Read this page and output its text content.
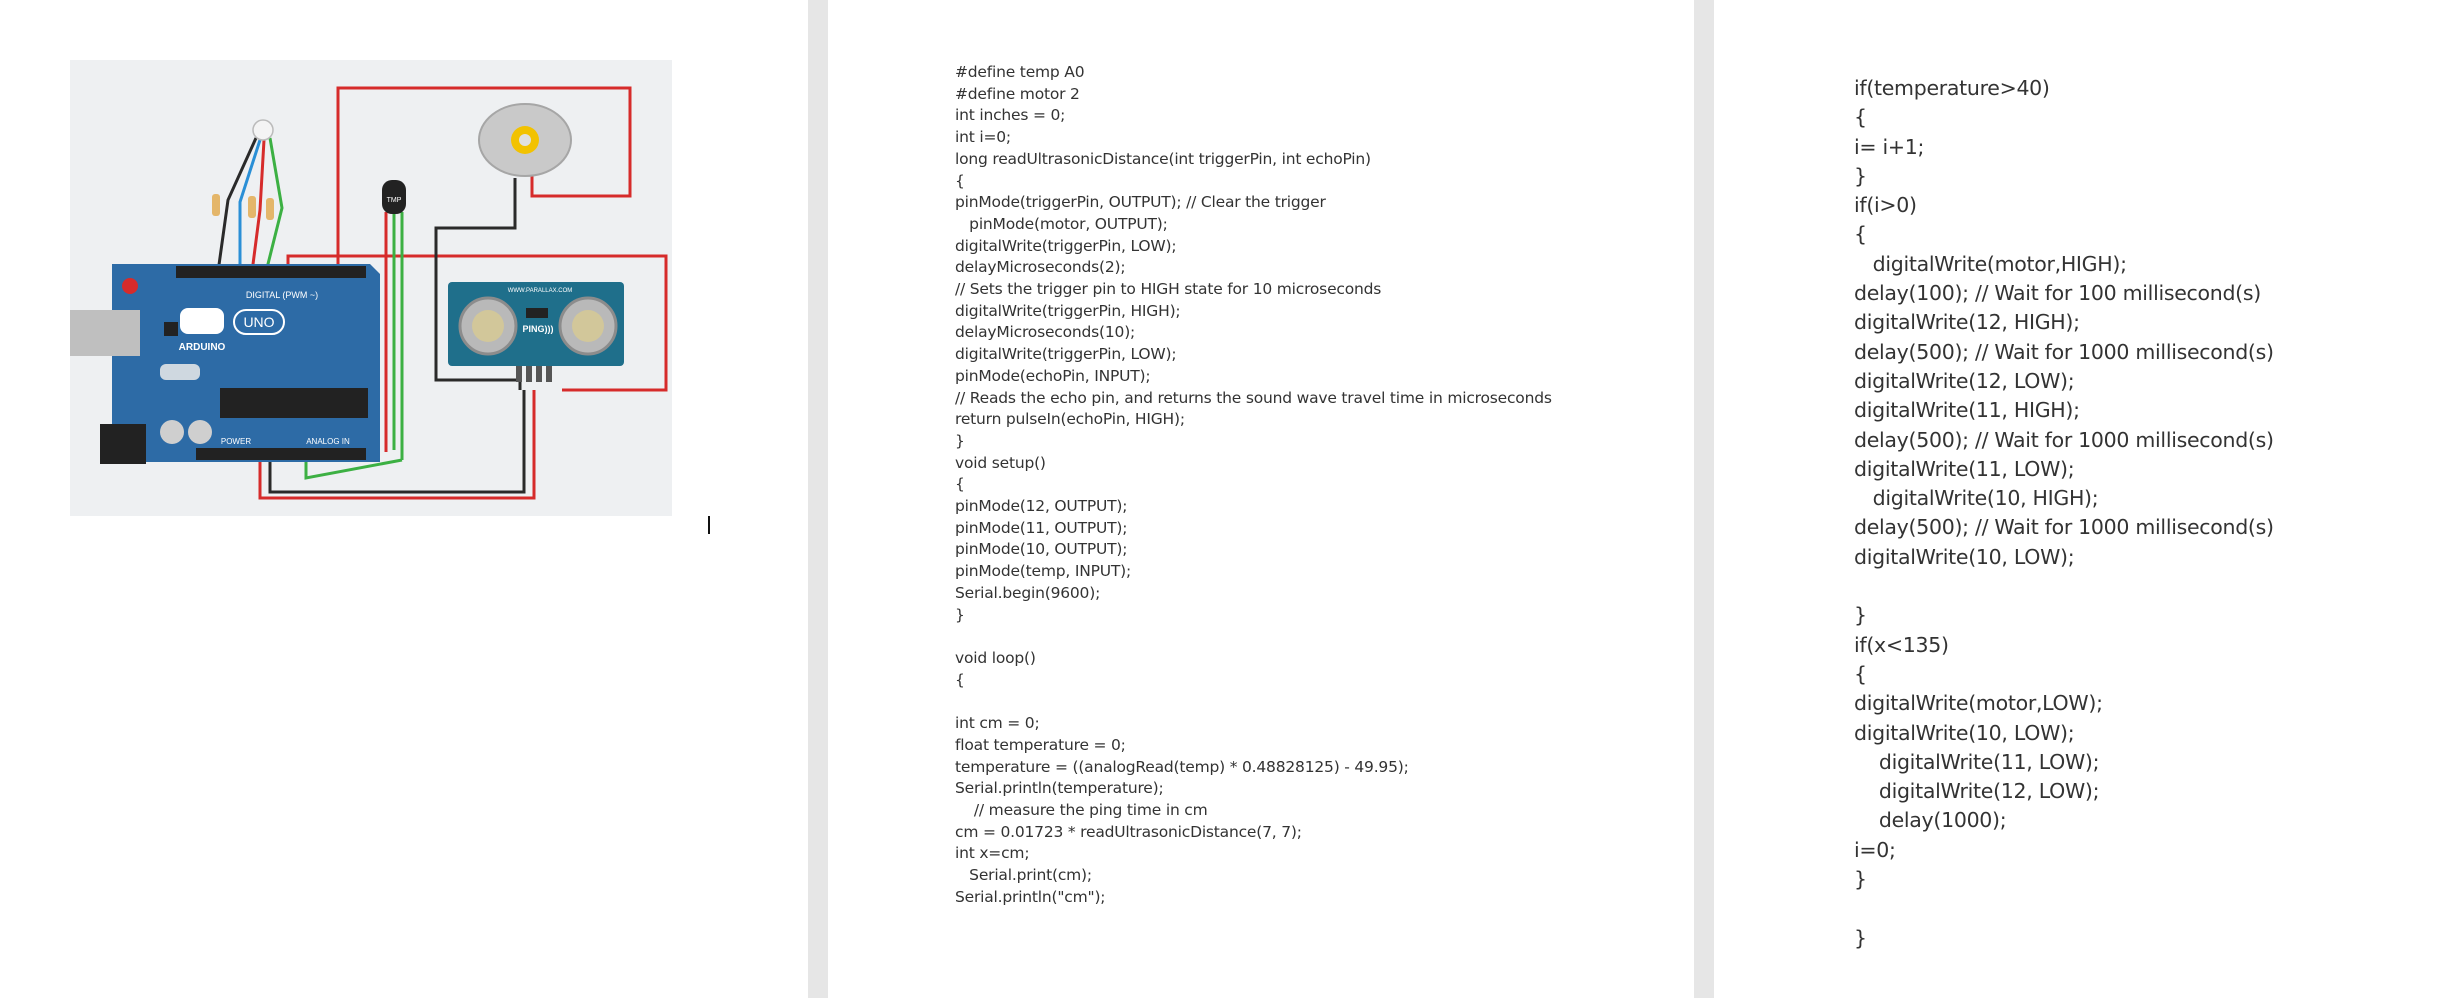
TMP
WWW.PARALLAX.COM
PING)))
DIGITAL (PWM ~)
ARDUINO
UNO
POWER	ANALOG IN
#define temp A0
#define motor 2
int inches = 0;
int i=0;
long readUltrasonicDistance(int triggerPin, int echoPin)
{
pinMode(triggerPin, OUTPUT); // Clear the trigger
pinMode(motor, OUTPUT);
digitalWrite(triggerPin, LOW);
delayMicroseconds(2);
// Sets the trigger pin to HIGH state for 10 microseconds
digitalWrite(triggerPin, HIGH);
delayMicroseconds(10);
digitalWrite(triggerPin, LOW);
pinMode(echoPin, INPUT);
// Reads the echo pin, and returns the sound wave travel time in microseconds
return pulseIn(echoPin, HIGH);
}
void setup()
{
pinMode(12, OUTPUT);
pinMode(11, OUTPUT);
pinMode(10, OUTPUT);
pinMode(temp, INPUT);
Serial.begin(9600);
}

void loop()
{

int cm = 0;
float temperature = 0;
temperature = ((analogRead(temp) * 0.48828125) - 49.95);
Serial.println(temperature);
// measure the ping time in cm
cm = 0.01723 * readUltrasonicDistance(7, 7);
int x=cm;
Serial.print(cm);
Serial.println("cm");
if(temperature>40)
{
i= i+1;
}
if(i>0)
{
digitalWrite(motor,HIGH);
delay(100); // Wait for 100 millisecond(s)
digitalWrite(12, HIGH);
delay(500); // Wait for 1000 millisecond(s)
digitalWrite(12, LOW);
digitalWrite(11, HIGH);
delay(500); // Wait for 1000 millisecond(s)
digitalWrite(11, LOW);
digitalWrite(10, HIGH);
delay(500); // Wait for 1000 millisecond(s)
digitalWrite(10, LOW);

}
if(x<135)
{
digitalWrite(motor,LOW);
digitalWrite(10, LOW);
digitalWrite(11, LOW);
digitalWrite(12, LOW);
delay(1000);
i=0;
}

}
